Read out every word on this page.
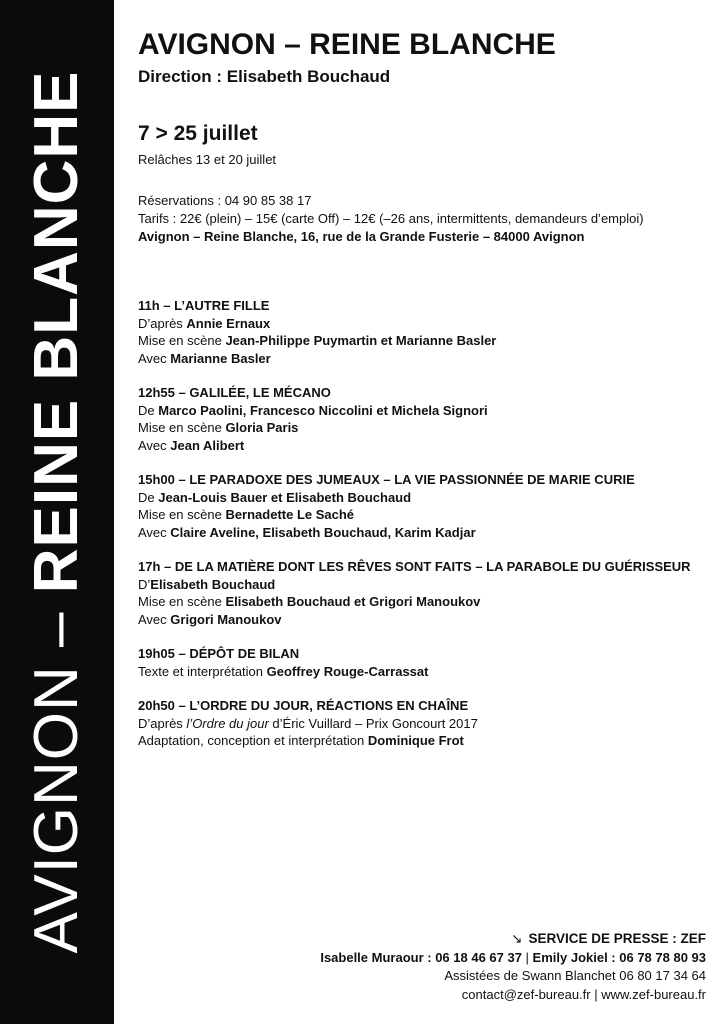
AVIGNON – REINE BLANCHE
AVIGNON – REINE BLANCHE
Direction : Elisabeth Bouchaud
7 > 25 juillet
Relâches 13 et 20 juillet
Réservations : 04 90 85 38 17
Tarifs : 22€ (plein) – 15€ (carte Off) – 12€ (–26 ans, intermittents, demandeurs d’emploi)
Avignon – Reine Blanche, 16, rue de la Grande Fusterie – 84000 Avignon
11h – L’AUTRE FILLE
D’après Annie Ernaux
Mise en scène Jean-Philippe Puymartin et Marianne Basler
Avec Marianne Basler
12h55 – GALILÉE, LE MÉCANO
De Marco Paolini, Francesco Niccolini et Michela Signori
Mise en scène Gloria Paris
Avec Jean Alibert
15h00 – LE PARADOXE DES JUMEAUX – LA VIE PASSIONNÉE DE MARIE CURIE
De Jean-Louis Bauer et Elisabeth Bouchaud
Mise en scène Bernadette Le Saché
Avec Claire Aveline, Elisabeth Bouchaud, Karim Kadjar
17h – DE LA MATIÈRE DONT LES RÊVES SONT FAITS – LA PARABOLE DU GUÉRISSEUR
D’Elisabeth Bouchaud
Mise en scène Elisabeth Bouchaud et Grigori Manoukov
Avec Grigori Manoukov
19h05 – DÉPÔT DE BILAN
Texte et interprétation Geoffrey Rouge-Carrassat
20h50 – L’ORDRE DU JOUR, RÉACTIONS EN CHAÎNE
D’après l’Ordre du jour d’Éric Vuillard – Prix Goncourt 2017
Adaptation, conception et interprétation Dominique Frot
↘ SERVICE DE PRESSE : ZEF
Isabelle Muraour : 06 18 46 67 37 | Emily Jokiel : 06 78 78 80 93
Assistées de Swann Blanchet 06 80 17 34 64
contact@zef-bureau.fr | www.zef-bureau.fr
